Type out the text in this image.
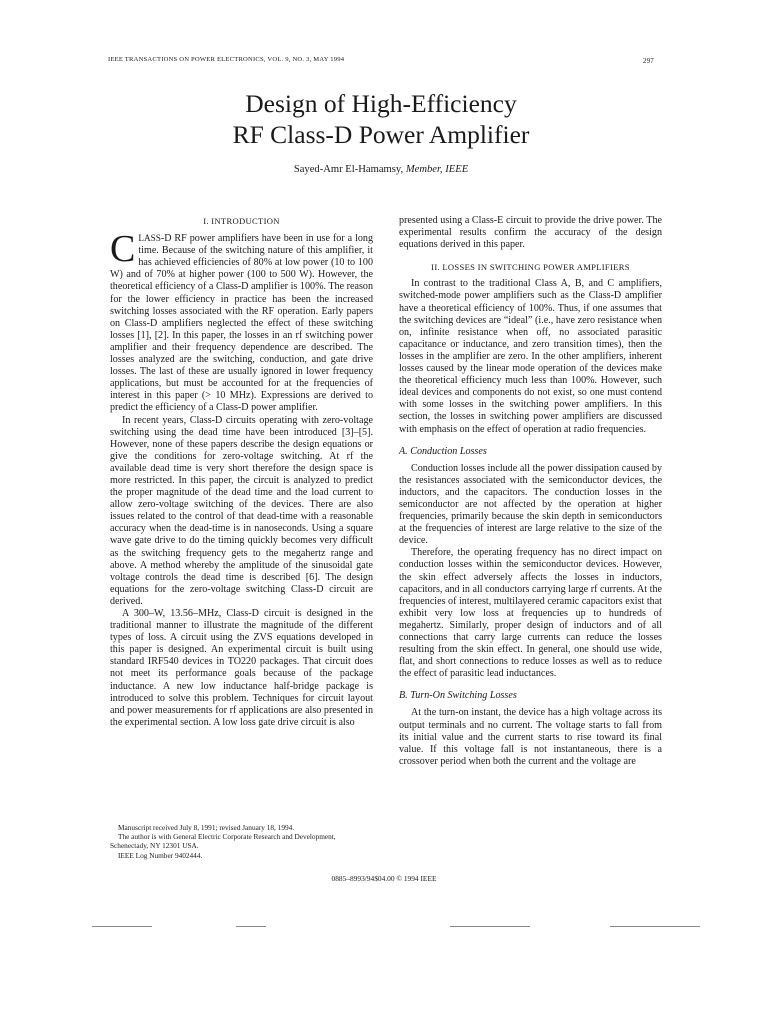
IEEE TRANSACTIONS ON POWER ELECTRONICS, VOL. 9, NO. 3, MAY 1994	297
Design of High-Efficiency
RF Class-D Power Amplifier
Sayed-Amr El-Hamamsy, Member, IEEE
I. INTRODUCTION

CLASS-D RF power amplifiers have been in use for a long time. Because of the switching nature of this amplifier, it has achieved efficiencies of 80% at low power (10 to 100 W) and of 70% at higher power (100 to 500 W). However, the theoretical efficiency of a Class-D amplifier is 100%. The reason for the lower efficiency in practice has been the increased switching losses associated with the RF operation. Early papers on Class-D amplifiers neglected the effect of these switching losses [1], [2]. In this paper, the losses in an rf switching power amplifier and their frequency dependence are described. The losses analyzed are the switching, conduction, and gate drive losses. The last of these are usually ignored in lower frequency applications, but must be accounted for at the frequencies of interest in this paper (> 10 MHz). Expressions are derived to predict the efficiency of a Class-D power amplifier.

In recent years, Class-D circuits operating with zero-voltage switching using the dead time have been introduced [3]–[5]. However, none of these papers describe the design equations or give the conditions for zero-voltage switching. At rf the available dead time is very short therefore the design space is more restricted. In this paper, the circuit is analyzed to predict the proper magnitude of the dead time and the load current to allow zero-voltage switching of the devices. There are also issues related to the control of that dead-time with a reasonable accuracy when the dead-time is in nanoseconds. Using a square wave gate drive to do the timing quickly becomes very difficult as the switching frequency gets to the megahertz range and above. A method whereby the amplitude of the sinusoidal gate voltage controls the dead time is described [6]. The design equations for the zero-voltage switching Class-D circuit are derived.

A 300–W, 13.56–MHz, Class-D circuit is designed in the traditional manner to illustrate the magnitude of the different types of loss. A circuit using the ZVS equations developed in this paper is designed. An experimental circuit is built using standard IRF540 devices in TO220 packages. That circuit does not meet its performance goals because of the package inductance. A new low inductance half-bridge package is introduced to solve this problem. Techniques for circuit layout and power measurements for rf applications are also presented in the experimental section. A low loss gate drive circuit is also

presented using a Class-E circuit to provide the drive power. The experimental results confirm the accuracy of the design equations derived in this paper.

II. LOSSES IN SWITCHING POWER AMPLIFIERS

In contrast to the traditional Class A, B, and C amplifiers, switched-mode power amplifiers such as the Class-D amplifier have a theoretical efficiency of 100%. Thus, if one assumes that the switching devices are “ideal” (i.e., have zero resistance when on, infinite resistance when off, no associated parasitic capacitance or inductance, and zero transition times), then the losses in the amplifier are zero. In the other amplifiers, inherent losses caused by the linear mode operation of the devices make the theoretical efficiency much less than 100%. However, such ideal devices and components do not exist, so one must contend with some losses in the switching power amplifiers. In this section, the losses in switching power amplifiers are discussed with emphasis on the effect of operation at radio frequencies.

A. Conduction Losses

Conduction losses include all the power dissipation caused by the resistances associated with the semiconductor devices, the inductors, and the capacitors. The conduction losses in the semiconductor are not affected by the operation at higher frequencies, primarily because the skin depth in semiconductors at the frequencies of interest are large relative to the size of the device.

Therefore, the operating frequency has no direct impact on conduction losses within the semiconductor devices. However, the skin effect adversely affects the losses in inductors, capacitors, and in all conductors carrying large rf currents. At the frequencies of interest, multilayered ceramic capacitors exist that exhibit very low loss at frequencies up to hundreds of megahertz. Similarly, proper design of inductors and of all connections that carry large currents can reduce the losses resulting from the skin effect. In general, one should use wide, flat, and short connections to reduce losses as well as to reduce the effect of parasitic lead inductances.

B. Turn-On Switching Losses

At the turn-on instant, the device has a high voltage across its output terminals and no current. The voltage starts to fall from its initial value and the current starts to rise toward its final value. If this voltage fall is not instantaneous, there is a crossover period when both the current and the voltage are

Manuscript received July 8, 1991; revised January 18, 1994.
The author is with General Electric Corporate Research and Development, Schenectady, NY 12301 USA.
IEEE Log Number 9402444.
0885–8993/94$04.00 © 1994 IEEE
